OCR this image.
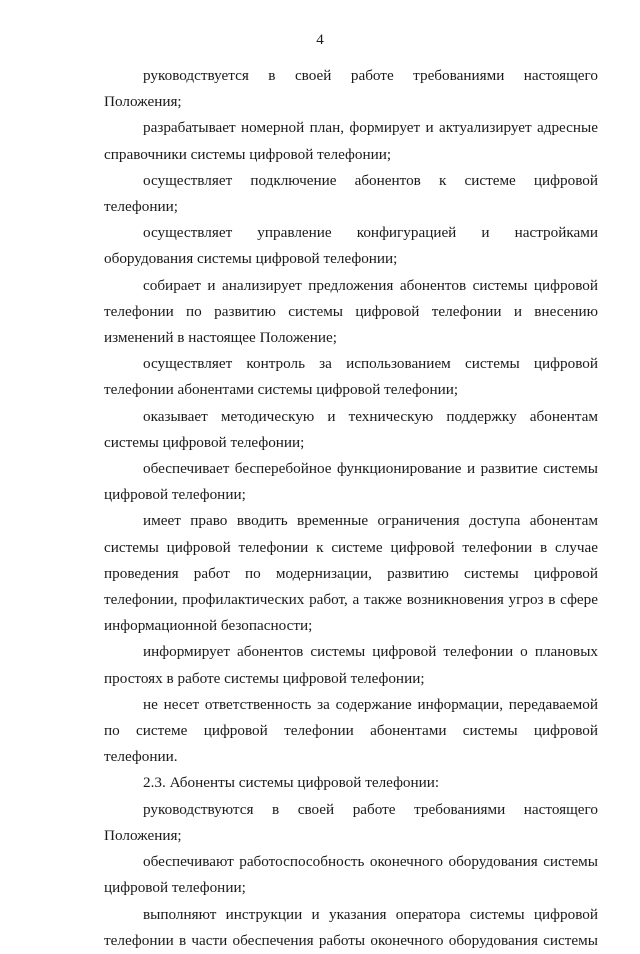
4

руководствуется в своей работе требованиями настоящего Положения;

разрабатывает номерной план, формирует и актуализирует адресные справочники системы цифровой телефонии;

осуществляет подключение абонентов к системе цифровой телефонии;

осуществляет управление конфигурацией и настройками оборудования системы цифровой телефонии;

собирает и анализирует предложения абонентов системы цифровой телефонии по развитию системы цифровой телефонии и внесению изменений в настоящее Положение;

осуществляет контроль за использованием системы цифровой телефонии абонентами системы цифровой телефонии;

оказывает методическую и техническую поддержку абонентам системы цифровой телефонии;

обеспечивает бесперебойное функционирование и развитие системы цифровой телефонии;

имеет право вводить временные ограничения доступа абонентам системы цифровой телефонии к системе цифровой телефонии в случае проведения работ по модернизации, развитию системы цифровой телефонии, профилактических работ, а также возникновения угроз в сфере информационной безопасности;

информирует абонентов системы цифровой телефонии о плановых простоях в работе системы цифровой телефонии;

не несет ответственность за содержание информации, передаваемой по системе цифровой телефонии абонентами системы цифровой телефонии.

2.3. Абоненты системы цифровой телефонии:

руководствуются в своей работе требованиями настоящего Положения;

обеспечивают работоспособность оконечного оборудования системы цифровой телефонии;

выполняют инструкции и указания оператора системы цифровой телефонии в части обеспечения работы оконечного оборудования системы
